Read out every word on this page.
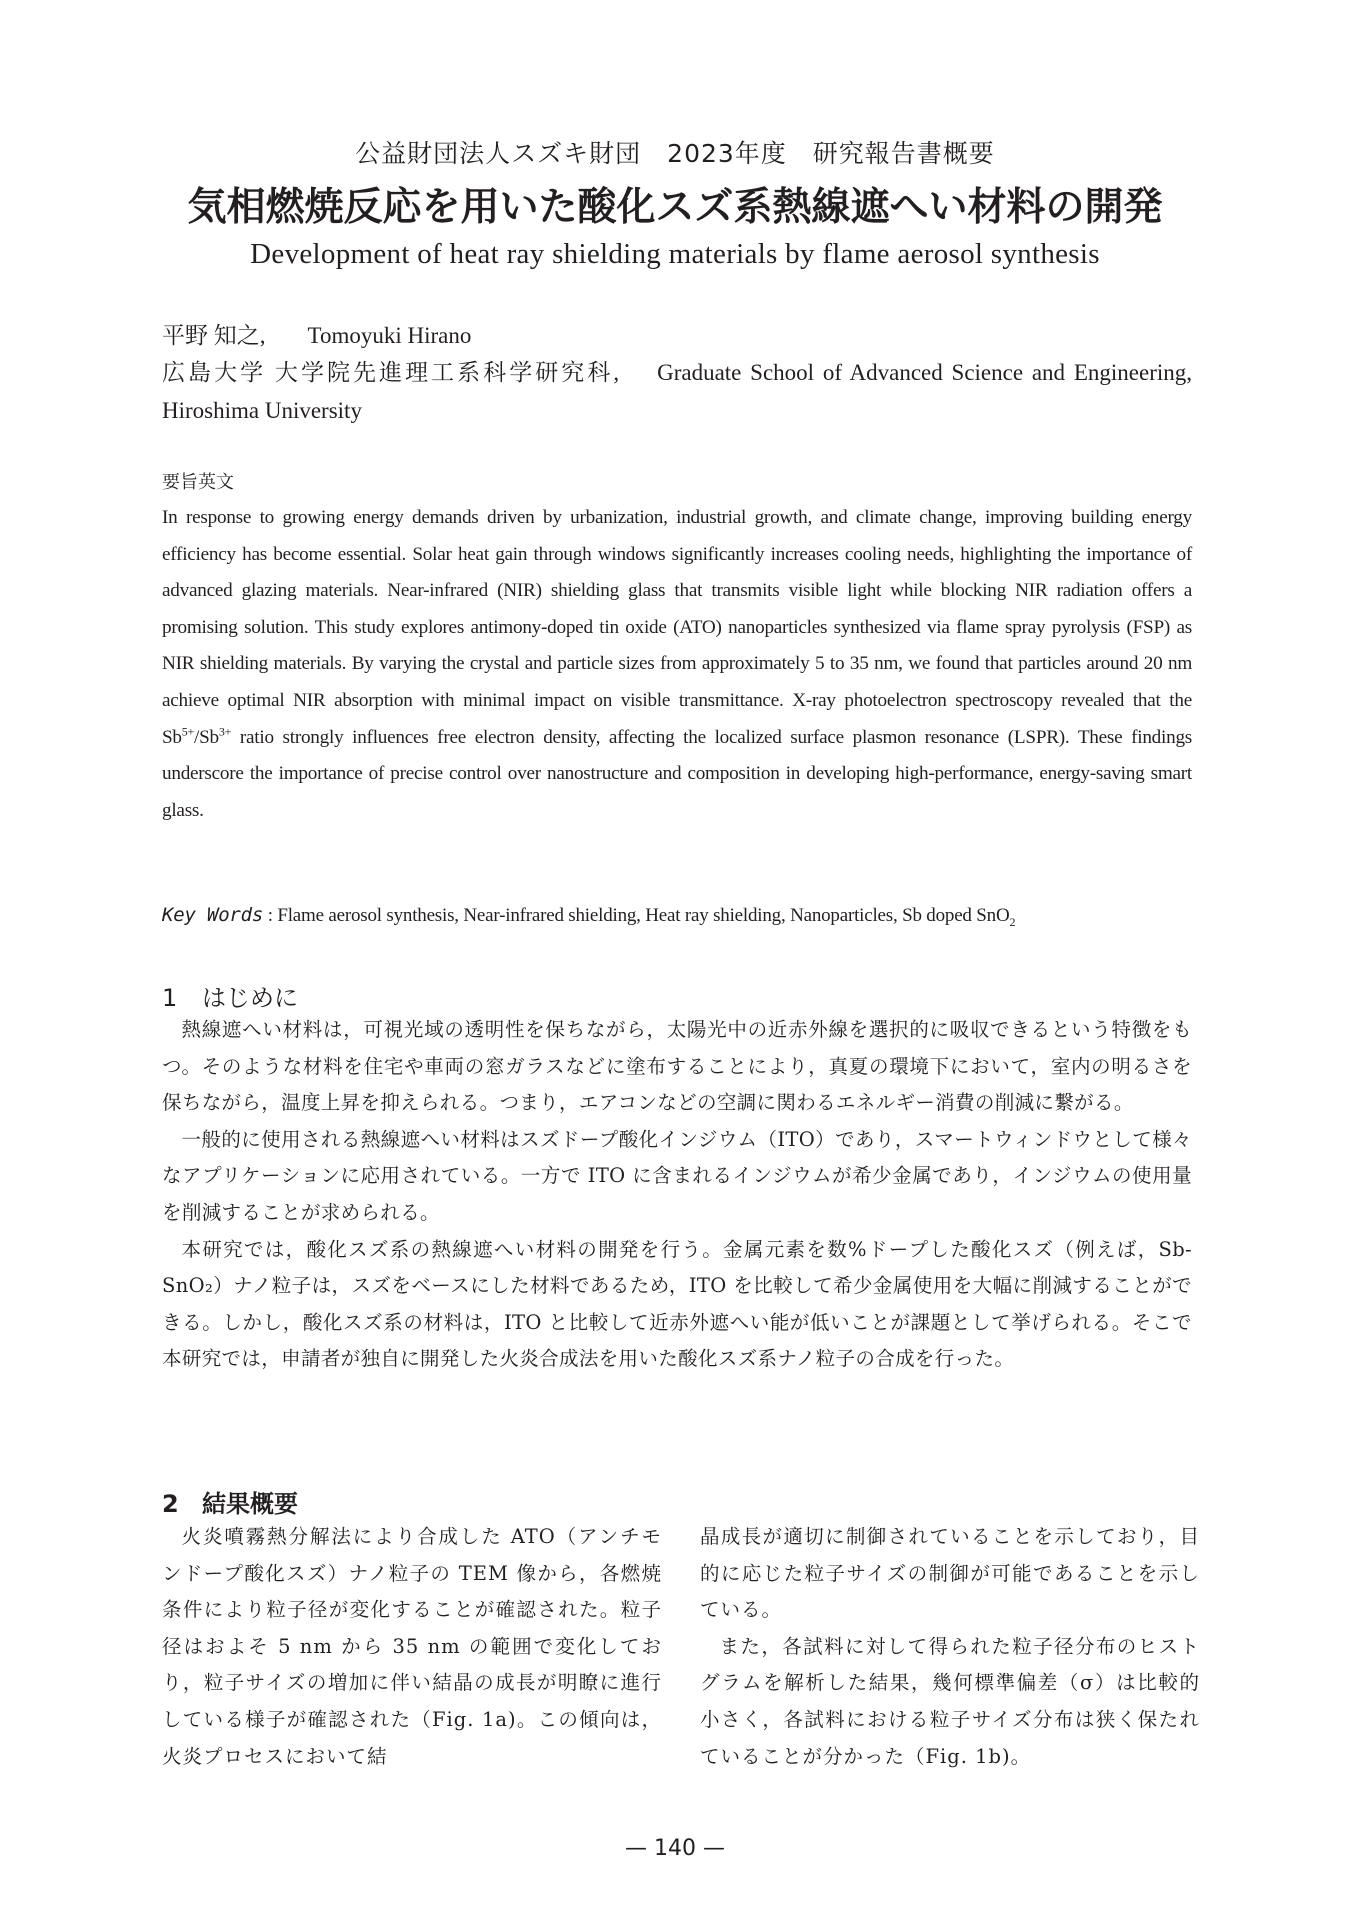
公益財団法人スズキ財団　2023年度　研究報告書概要
気相燃焼反応を用いた酸化スズ系熱線遮へい材料の開発
Development of heat ray shielding materials by flame aerosol synthesis
平野 知之, Tomoyuki Hirano
広島大学 大学院先進理工系科学研究科, Graduate School of Advanced Science and Engineering, Hiroshima University
要旨英文
In response to growing energy demands driven by urbanization, industrial growth, and climate change, improving building energy efficiency has become essential. Solar heat gain through windows significantly increases cooling needs, highlighting the importance of advanced glazing materials. Near-infrared (NIR) shielding glass that transmits visible light while blocking NIR radiation offers a promising solution. This study explores antimony-doped tin oxide (ATO) nanoparticles synthesized via flame spray pyrolysis (FSP) as NIR shielding materials. By varying the crystal and particle sizes from approximately 5 to 35 nm, we found that particles around 20 nm achieve optimal NIR absorption with minimal impact on visible transmittance. X-ray photoelectron spectroscopy revealed that the $Sb^{5+}/Sb^{3+}$ ratio strongly influences free electron density, affecting the localized surface plasmon resonance (LSPR). These findings underscore the importance of precise control over nanostructure and composition in developing high-performance, energy-saving smart glass.
Key Words : Flame aerosol synthesis, Near-infrared shielding, Heat ray shielding, Nanoparticles, Sb doped SnO$_2$
1 はじめに

熱線遮へい材料は，可視光域の透明性を保ちながら，太陽光中の近赤外線を選択的に吸収できるという特徴をもつ。そのような材料を住宅や車両の窓ガラスなどに塗布することにより，真夏の環境下において，室内の明るさを保ちながら，温度上昇を抑えられる。つまり，エアコンなどの空調に関わるエネルギー消費の削減に繋がる。

一般的に使用される熱線遮へい材料はスズドープ酸化インジウム（ITO）であり，スマートウィンドウとして様々なアプリケーションに応用されている。一方で ITO に含まれるインジウムが希少金属であり，インジウムの使用量を削減することが求められる。

本研究では，酸化スズ系の熱線遮へい材料の開発を行う。金属元素を数%ドープした酸化スズ（例えば，Sb-SnO₂）ナノ粒子は，スズをベースにした材料であるため，ITO を比較して希少金属使用を大幅に削減することができる。しかし，酸化スズ系の材料は，ITO と比較して近赤外遮へい能が低いことが課題として挙げられる。そこで本研究では，申請者が独自に開発した火炎合成法を用いた酸化スズ系ナノ粒子の合成を行った。

2 結果概要

火炎噴霧熱分解法により合成した ATO（アンチモンドープ酸化スズ）ナノ粒子の TEM 像から，各燃焼条件により粒子径が変化することが確認された。粒子径はおよそ 5 nm から 35 nm の範囲で変化しており，粒子サイズの増加に伴い結晶の成長が明瞭に進行している様子が確認された（Fig. 1a)。この傾向は，火炎プロセスにおいて結

晶成長が適切に制御されていることを示しており，目的に応じた粒子サイズの制御が可能であることを示している。

また，各試料に対して得られた粒子径分布のヒストグラムを解析した結果，幾何標準偏差（σ）は比較的小さく，各試料における粒子サイズ分布は狭く保たれていることが分かった（Fig. 1b)。

— 140 —
